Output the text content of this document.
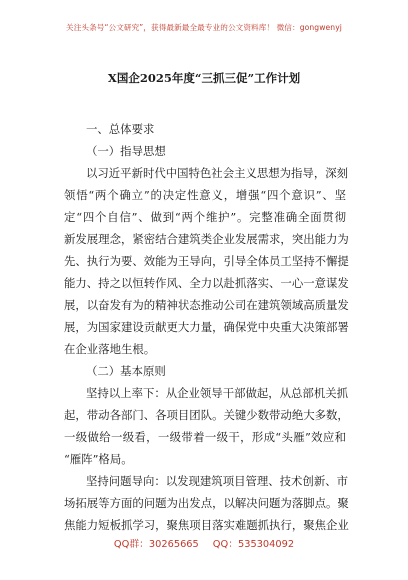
关注头条号“公文研究”，获得最新最全最专业的公文资料库！ 微信：gongwenyj
X国企2025年度“三抓三促”工作计划
一、总体要求
（一）指导思想
以习近平新时代中国特色社会主义思想为指导，深刻
领悟“两个确立”的决定性意义，增强“四个意识”、坚
定“四个自信”、做到“两个维护”。完整准确全面贯彻
新发展理念，紧密结合建筑类企业发展需求，突出能力为
先、执行为要、效能为王导向，引导全体员工坚持不懈提
能力、持之以恒转作风、全力以赴抓落实、一心一意谋发
展，以奋发有为的精神状态推动公司在建筑领域高质量发
展，为国家建设贡献更大力量，确保党中央重大决策部署
在企业落地生根。
（二）基本原则
坚持以上率下：从企业领导干部做起，从总部机关抓
起，带动各部门、各项目团队。关键少数带动绝大多数，
一级做给一级看，一级带着一级干，形成“头雁”效应和
“雁阵”格局。
坚持问题导向：以发现建筑项目管理、技术创新、市
场拓展等方面的问题为出发点，以解决问题为落脚点。聚
焦能力短板抓学习，聚焦项目落实难题抓执行，聚焦企业
QQ群：30265665 QQ：535304092
